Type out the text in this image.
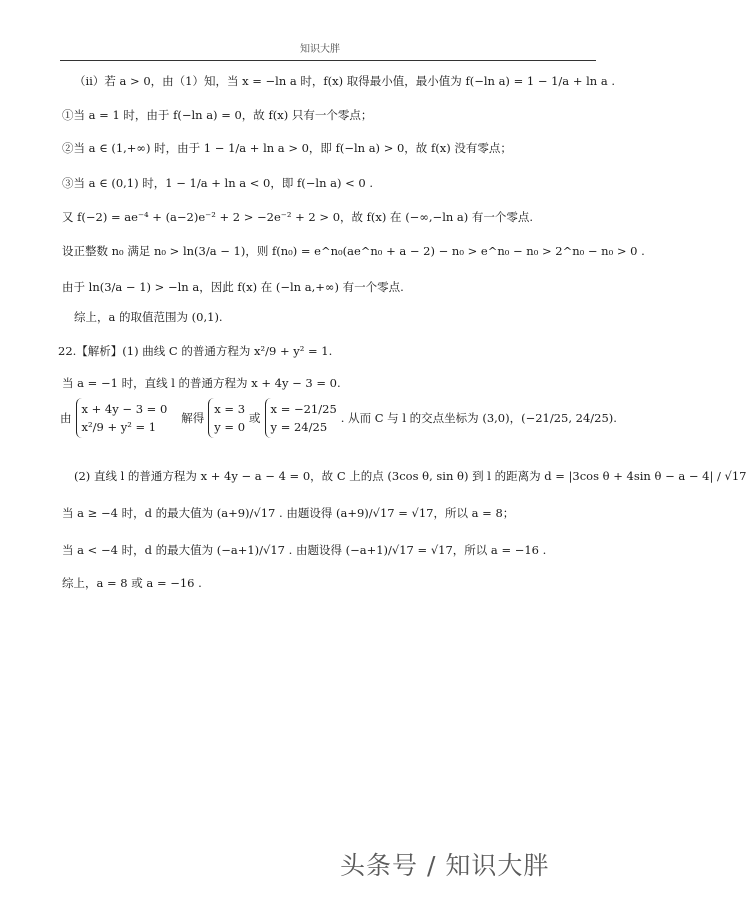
知识大胖
（ⅱ）若 a > 0，由（1）知，当 x = −ln a 时，f(x) 取得最小值，最小值为 f(−ln a) = 1 − 1/a + ln a .
①当 a = 1 时，由于 f(−ln a) = 0，故 f(x) 只有一个零点；
②当 a ∈ (1,+∞) 时，由于 1 − 1/a + ln a > 0，即 f(−ln a) > 0，故 f(x) 没有零点；
③当 a ∈ (0,1) 时，1 − 1/a + ln a < 0，即 f(−ln a) < 0 .
又 f(−2) = ae⁻⁴ + (a−2)e⁻² + 2 > −2e⁻² + 2 > 0，故 f(x) 在 (−∞,−ln a) 有一个零点.
设正整数 n₀ 满足 n₀ > ln(3/a − 1)，则 f(n₀) = e^n₀(ae^n₀ + a − 2) − n₀ > e^n₀ − n₀ > 2^n₀ − n₀ > 0 .
由于 ln(3/a − 1) > −ln a，因此 f(x) 在 (−ln a,+∞) 有一个零点.
综上，a 的取值范围为 (0,1).
22.【解析】(1) 曲线 C 的普通方程为 x²/9 + y² = 1.
当 a = −1 时，直线 l 的普通方程为 x + 4y − 3 = 0.
由
x + 4y − 3 = 0
x²/9 + y² = 1
解得
x = 3
y = 0
或
x = −21/25
y = 24/25
. 从而 C 与 l 的交点坐标为 (3,0)，(−21/25, 24/25).
(2) 直线 l 的普通方程为 x + 4y − a − 4 = 0，故 C 上的点 (3cos θ, sin θ) 到 l 的距离为 d = |3cos θ + 4sin θ − a − 4| / √17
当 a ≥ −4 时，d 的最大值为 (a+9)/√17 . 由题设得 (a+9)/√17 = √17，所以 a = 8；
当 a < −4 时，d 的最大值为 (−a+1)/√17 . 由题设得 (−a+1)/√17 = √17，所以 a = −16 .
综上，a = 8 或 a = −16 .
头条号 / 知识大胖
